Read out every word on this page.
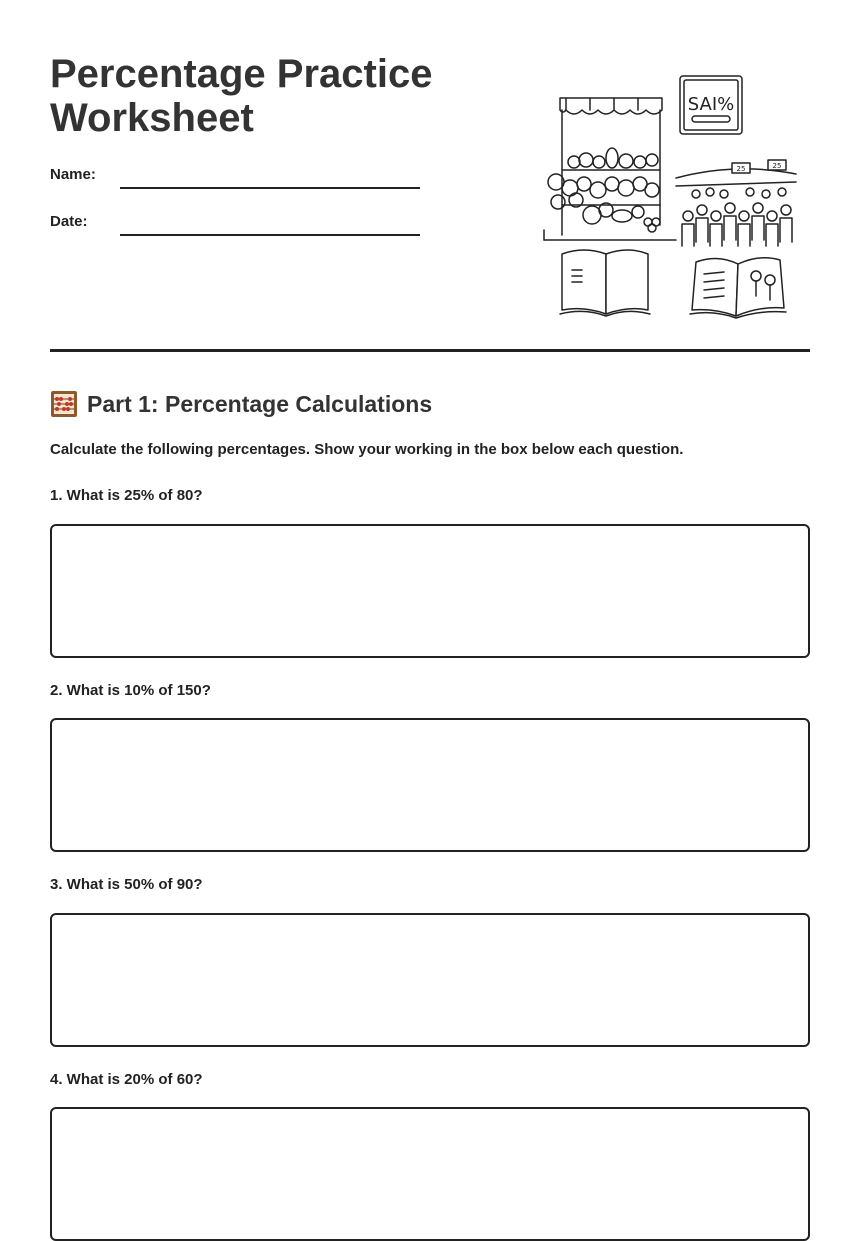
Percentage Practice Worksheet
Name:
Date:
SAI%
25	25
Part 1: Percentage Calculations

Calculate the following percentages. Show your working in the box below each question.

1. What is 25% of 80?

2. What is 10% of 150?

3. What is 50% of 90?

4. What is 20% of 60?
